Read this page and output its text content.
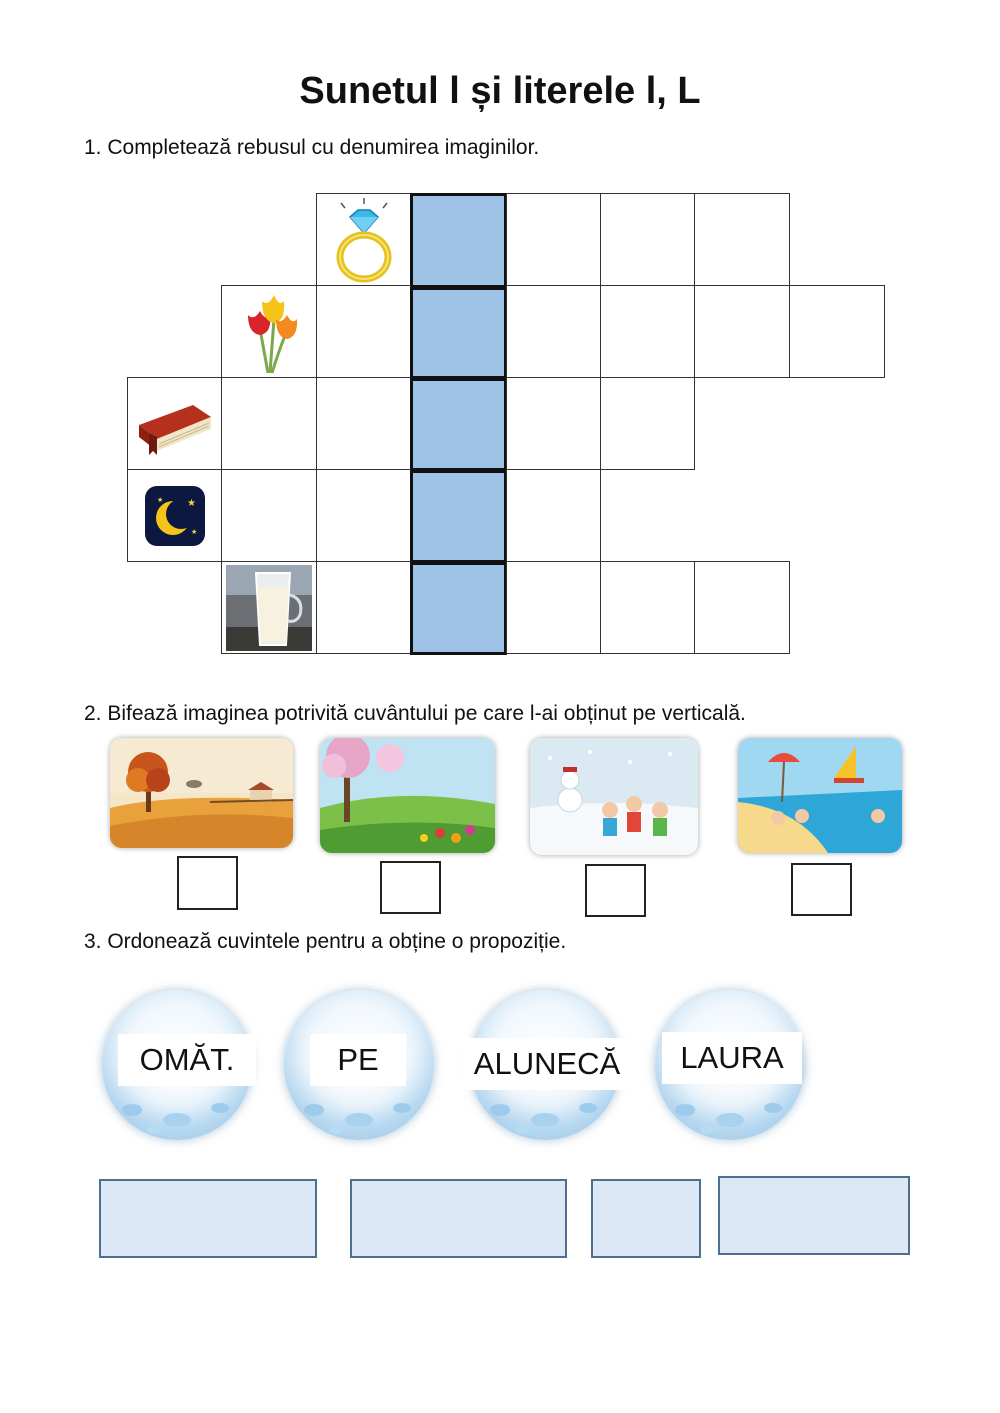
Sunetul l și literele l, L
1. Completează rebusul cu denumirea imaginilor.
★
★
★
2. Bifează imaginea potrivită cuvântului pe care l-ai obținut pe verticală.
3. Ordonează cuvintele pentru a obține o propoziție.
OMĂT.	PE	ALUNECĂ	LAURA
